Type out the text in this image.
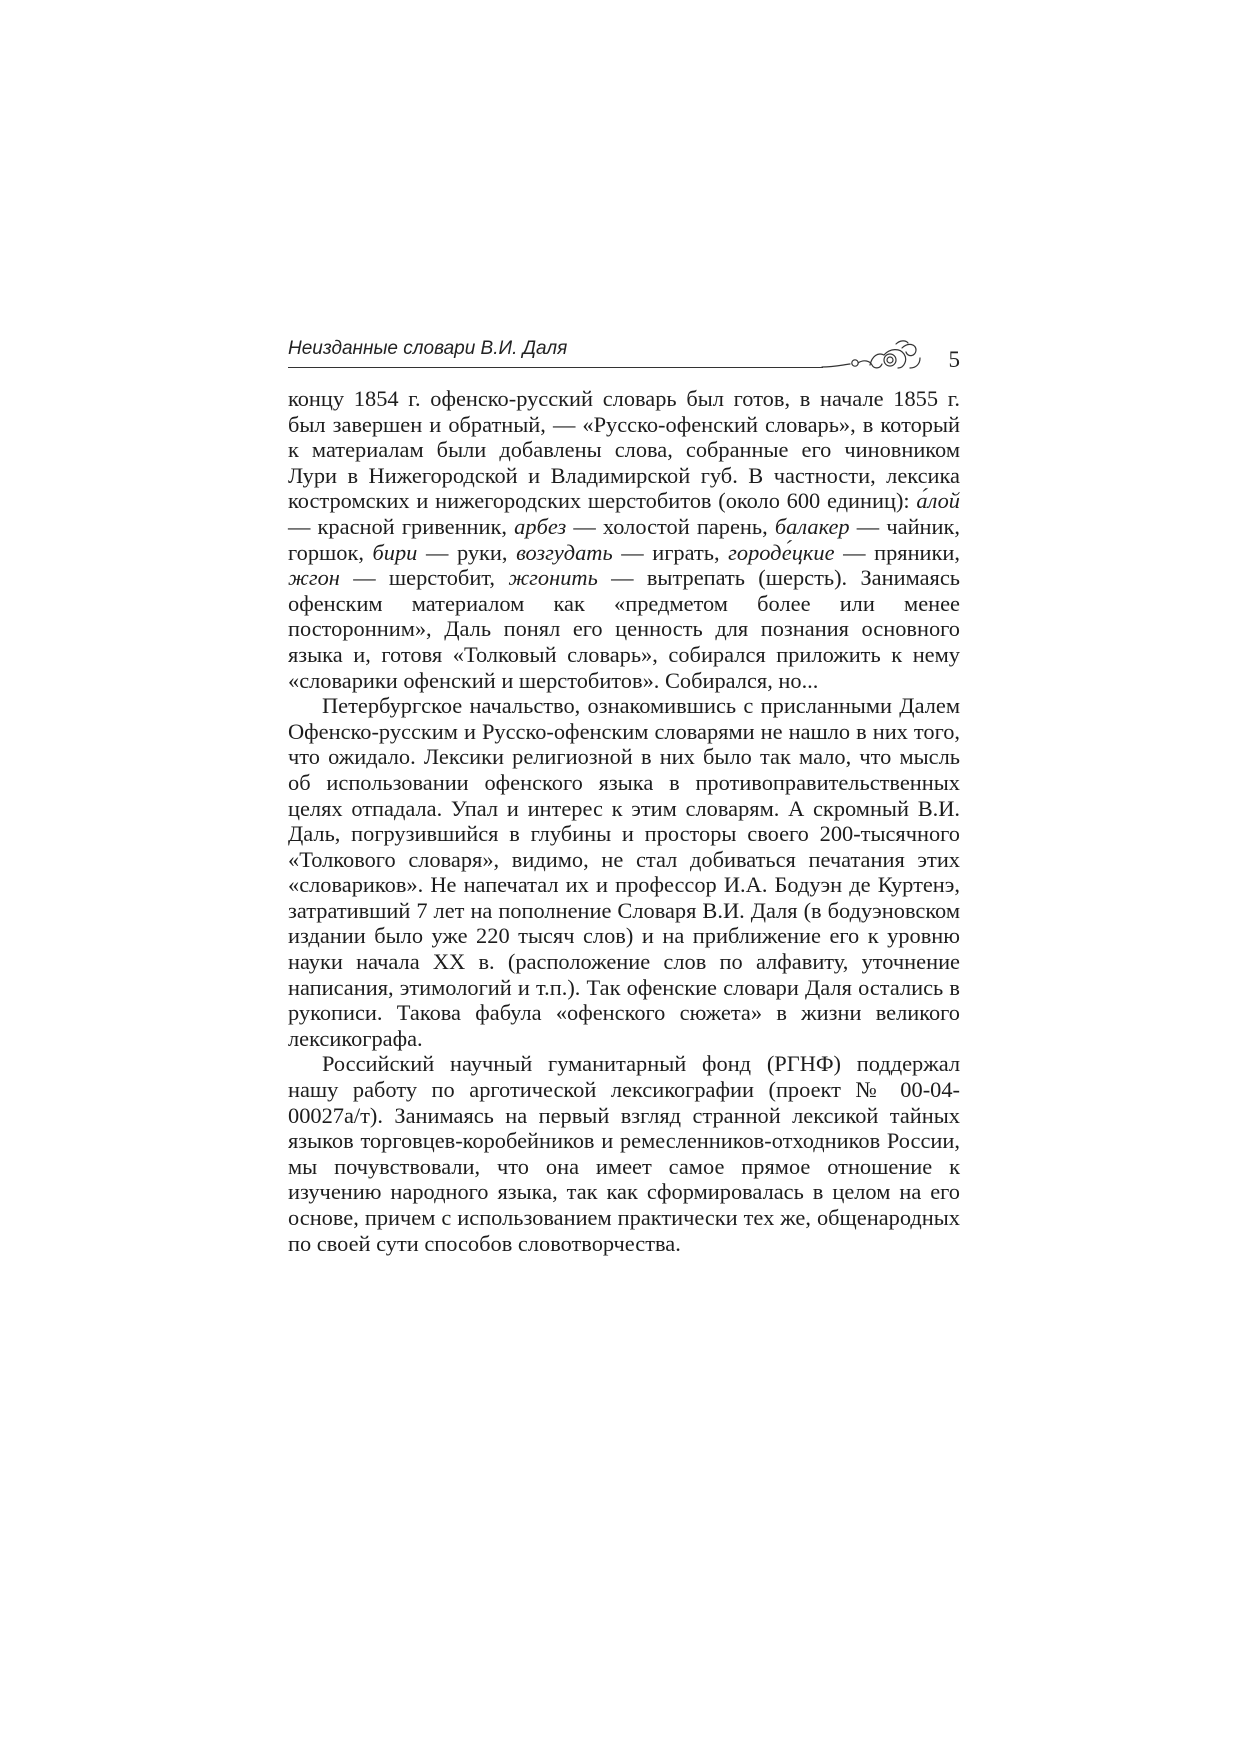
Неизданные словари В.И. Даля	5

концу 1854 г. офенско-русский словарь был готов, в начале 1855 г. был завершен и обратный, — «Русско-офенский словарь», в который к материалам были добавлены слова, собранные его чиновником Лури в Нижегородской и Владимирской губ. В частности, лексика костромских и нижегородских шерстобитов (около 600 единиц): а́лой — красной гривенник, арбез — холостой парень, балакер — чайник, горшок, бири — руки, возгудать — играть, городе́цкие — пряники, жгон — шерстобит, жгонить — вытрепать (шерсть). Занимаясь офенским материалом как «предметом более или менее посторонним», Даль понял его ценность для познания основного языка и, готовя «Толковый словарь», собирался приложить к нему «словарики офенский и шерстобитов». Собирался, но...

Петербургское начальство, ознакомившись с присланными Далем Офенско-русским и Русско-офенским словарями не нашло в них того, что ожидало. Лексики религиозной в них было так мало, что мысль об использовании офенского языка в противоправительственных целях отпадала. Упал и интерес к этим словарям. А скромный В.И. Даль, погрузившийся в глубины и просторы своего 200-тысячного «Толкового словаря», видимо, не стал добиваться печатания этих «словариков». Не напечатал их и профессор И.А. Бодуэн де Куртенэ, затративший 7 лет на пополнение Словаря В.И. Даля (в бодуэновском издании было уже 220 тысяч слов) и на приближение его к уровню науки начала XX в. (расположение слов по алфавиту, уточнение написания, этимологий и т.п.). Так офенские словари Даля остались в рукописи. Такова фабула «офенского сюжета» в жизни великого лексикографа.

Российский научный гуманитарный фонд (РГНФ) поддержал нашу работу по арготической лексикографии (проект № 00-04-00027а/т). Занимаясь на первый взгляд странной лексикой тайных языков торговцев-коробейников и ремесленников-отходников России, мы почувствовали, что она имеет самое прямое отношение к изучению народного языка, так как сформировалась в целом на его основе, причем с использованием практически тех же, общенародных по своей сути способов словотворчества.
